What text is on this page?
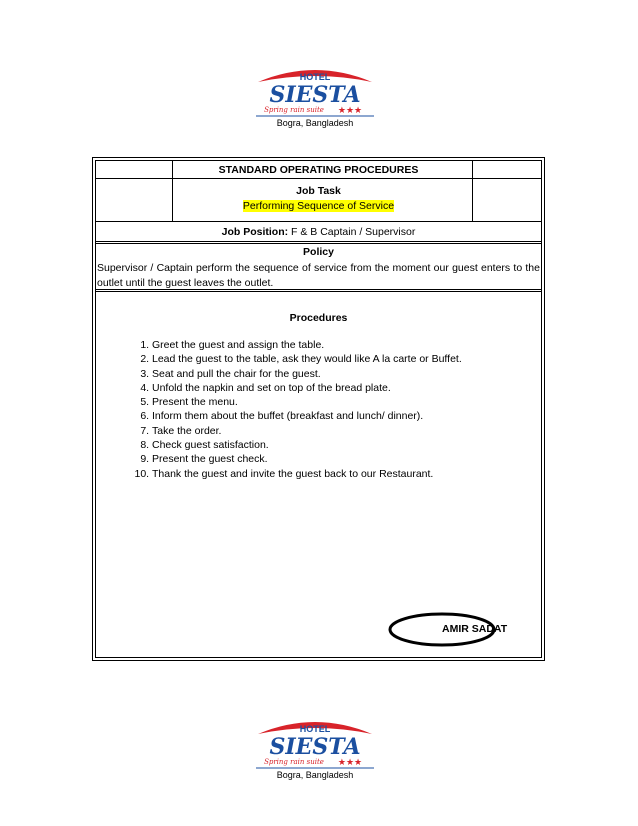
HOTEL
SIESTA
Spring rain suite ★★★
Bogra, Bangladesh
STANDARD OPERATING PROCEDURES
Job Task
Performing Sequence of Service
Job Position: F & B Captain / Supervisor
Policy
Supervisor / Captain perform the sequence of service from the moment our guest enters to the outlet until the guest leaves the outlet.
Procedures
1. Greet the guest and assign the table.
2. Lead the guest to the table, ask they would like A la carte or Buffet.
3. Seat and pull the chair for the guest.
4. Unfold the napkin and set on top of the bread plate.
5. Present the menu.
6. Inform them about the buffet (breakfast and lunch/ dinner).
7. Take the order.
8. Check guest satisfaction.
9. Present the guest check.
10. Thank the guest and invite the guest back to our Restaurant.
AMIR SADAT
HOTEL
SIESTA
Spring rain suite ★★★
Bogra, Bangladesh
